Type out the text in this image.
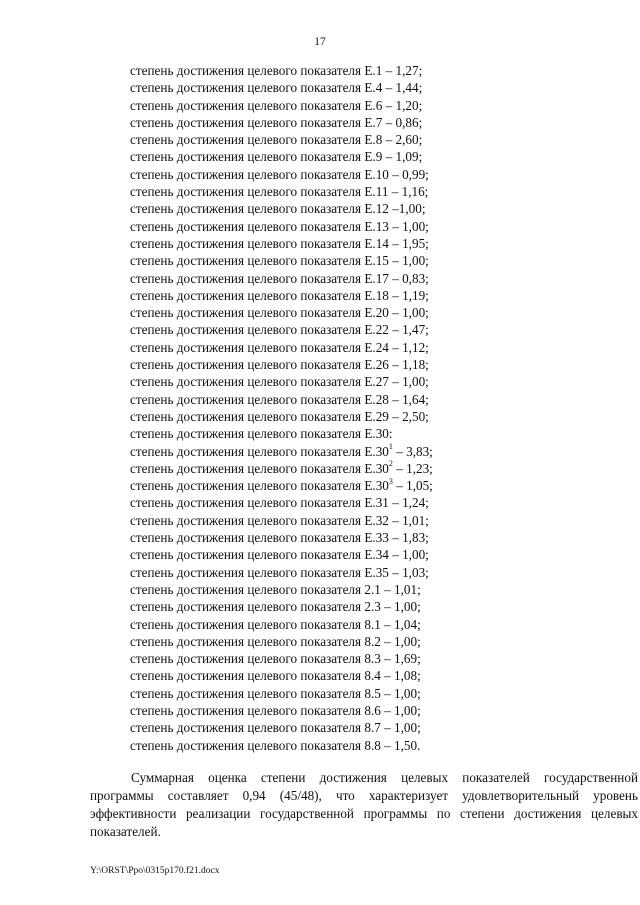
17
степень достижения целевого показателя Е.1 – 1,27;
степень достижения целевого показателя Е.4 – 1,44;
степень достижения целевого показателя Е.6 – 1,20;
степень достижения целевого показателя Е.7 – 0,86;
степень достижения целевого показателя Е.8 – 2,60;
степень достижения целевого показателя Е.9 – 1,09;
степень достижения целевого показателя Е.10 – 0,99;
степень достижения целевого показателя Е.11 – 1,16;
степень достижения целевого показателя Е.12 –1,00;
степень достижения целевого показателя Е.13 – 1,00;
степень достижения целевого показателя Е.14 – 1,95;
степень достижения целевого показателя Е.15 – 1,00;
степень достижения целевого показателя Е.17 – 0,83;
степень достижения целевого показателя Е.18 – 1,19;
степень достижения целевого показателя Е.20 – 1,00;
степень достижения целевого показателя Е.22 – 1,47;
степень достижения целевого показателя Е.24 – 1,12;
степень достижения целевого показателя Е.26 – 1,18;
степень достижения целевого показателя Е.27 – 1,00;
степень достижения целевого показателя Е.28 – 1,64;
степень достижения целевого показателя Е.29 – 2,50;
степень достижения целевого показателя Е.30:
степень достижения целевого показателя $Е.30^1 - 3,83$;
степень достижения целевого показателя $Е.30^2 - 1,23$;
степень достижения целевого показателя $Е.30^3 - 1,05$;
степень достижения целевого показателя Е.31 – 1,24;
степень достижения целевого показателя Е.32 – 1,01;
степень достижения целевого показателя Е.33 – 1,83;
степень достижения целевого показателя Е.34 – 1,00;
степень достижения целевого показателя Е.35 – 1,03;
степень достижения целевого показателя 2.1 – 1,01;
степень достижения целевого показателя 2.3 – 1,00;
степень достижения целевого показателя 8.1 – 1,04;
степень достижения целевого показателя 8.2 – 1,00;
степень достижения целевого показателя 8.3 – 1,69;
степень достижения целевого показателя 8.4 – 1,08;
степень достижения целевого показателя 8.5 – 1,00;
степень достижения целевого показателя 8.6 – 1,00;
степень достижения целевого показателя 8.7 – 1,00;
степень достижения целевого показателя 8.8 – 1,50.

Суммарная оценка степени достижения целевых показателей государственной программы составляет 0,94 (45/48), что характеризует удовлетворительный уровень эффективности реализации государственной программы по степени достижения целевых показателей.

Y:\ORST\Ppo\0315p170.f21.docx
